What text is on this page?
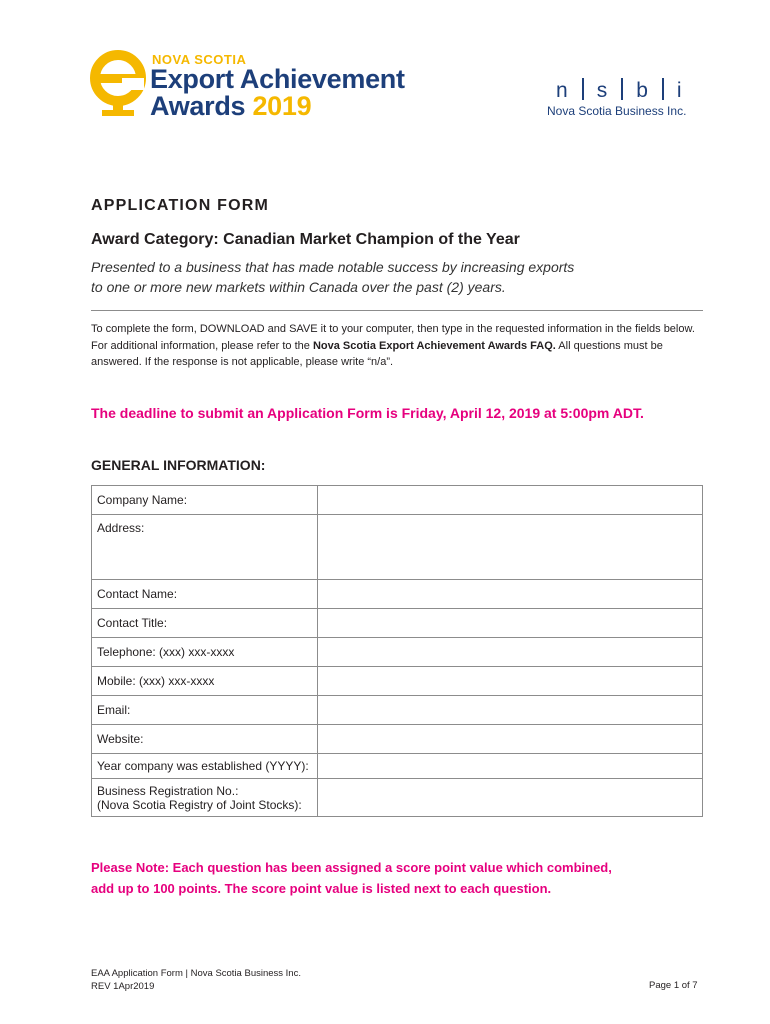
NOVA SCOTIA
Export Achievement
Awards 2019
n s b i
Nova Scotia Business Inc.
APPLICATION FORM
Award Category: Canadian Market Champion of the Year
Presented to a business that has made notable success by increasing exports
to one or more new markets within Canada over the past (2) years.
To complete the form, DOWNLOAD and SAVE it to your computer, then type in the requested information in the fields below. For additional information, please refer to the Nova Scotia Export Achievement Awards FAQ. All questions must be answered. If the response is not applicable, please write “n/a”.
The deadline to submit an Application Form is Friday, April 12, 2019 at 5:00pm ADT.
GENERAL INFORMATION:
Company Name:	
Address:	
Contact Name:	
Contact Title:	
Telephone: (xxx) xxx-xxxx	
Mobile: (xxx) xxx-xxxx	
Email:	
Website:	
Year company was established (YYYY):	

Business Registration No.:
(Nova Scotia Registry of Joint Stocks):	

Please Note: Each question has been assigned a score point value which combined,
add up to 100 points. The score point value is listed next to each question.
EAA Application Form | Nova Scotia Business Inc.
REV 1Apr2019	Page 1 of 7
